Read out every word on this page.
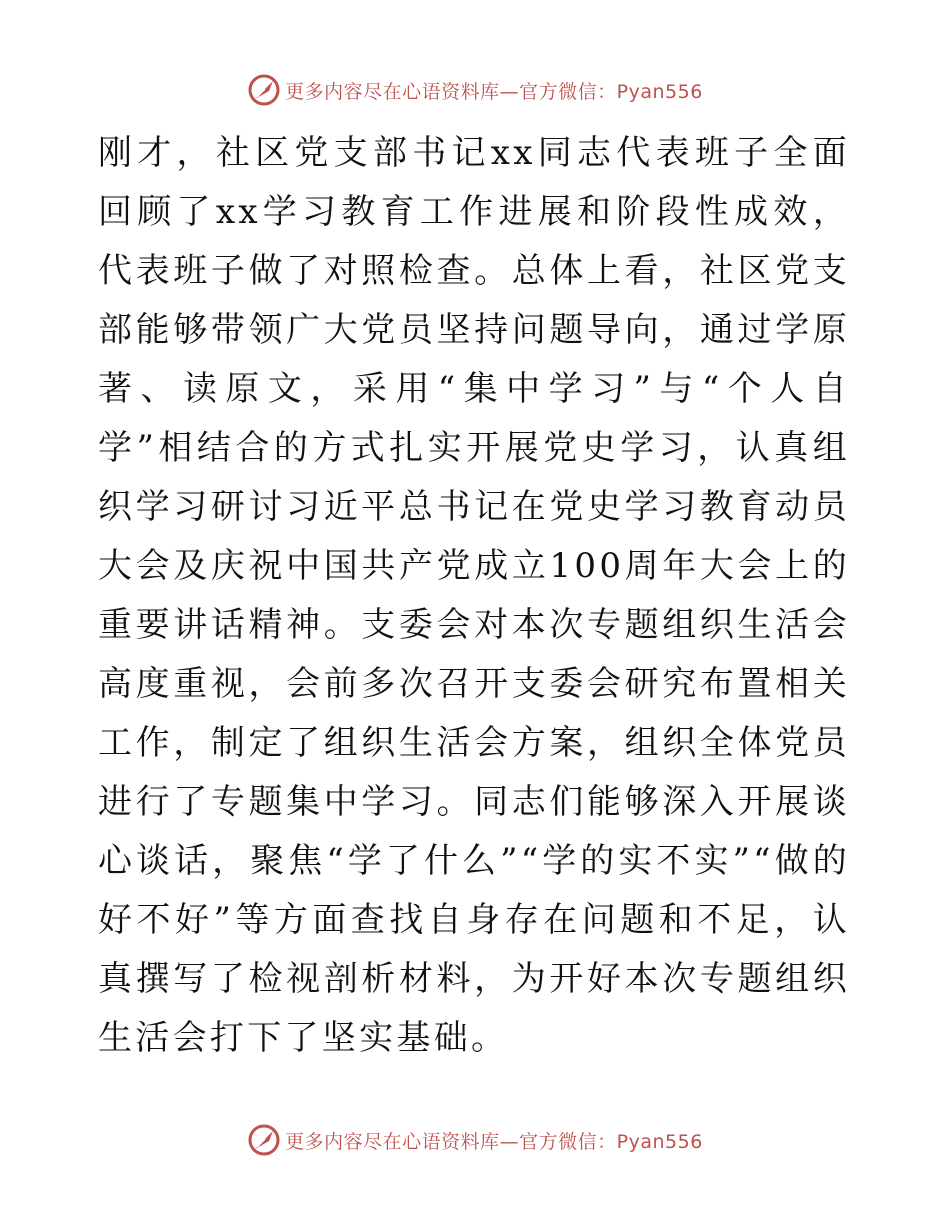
更多内容尽在心语资料库—官方微信：Pyan556

刚才，社区党支部书记xx同志代表班子全面回顾了xx学习教育工作进展和阶段性成效，代表班子做了对照检查。总体上看，社区党支部能够带领广大党员坚持问题导向，通过学原著、读原文，采用“集中学习”与“个人自学”相结合的方式扎实开展党史学习，认真组织学习研讨习近平总书记在党史学习教育动员大会及庆祝中国共产党成立100周年大会上的重要讲话精神。支委会对本次专题组织生活会高度重视，会前多次召开支委会研究布置相关工作，制定了组织生活会方案，组织全体党员进行了专题集中学习。同志们能够深入开展谈心谈话，聚焦“学了什么”“学的实不实”“做的好不好”等方面查找自身存在问题和不足，认真撰写了检视剖析材料，为开好本次专题组织生活会打下了坚实基础。

更多内容尽在心语资料库—官方微信：Pyan556
